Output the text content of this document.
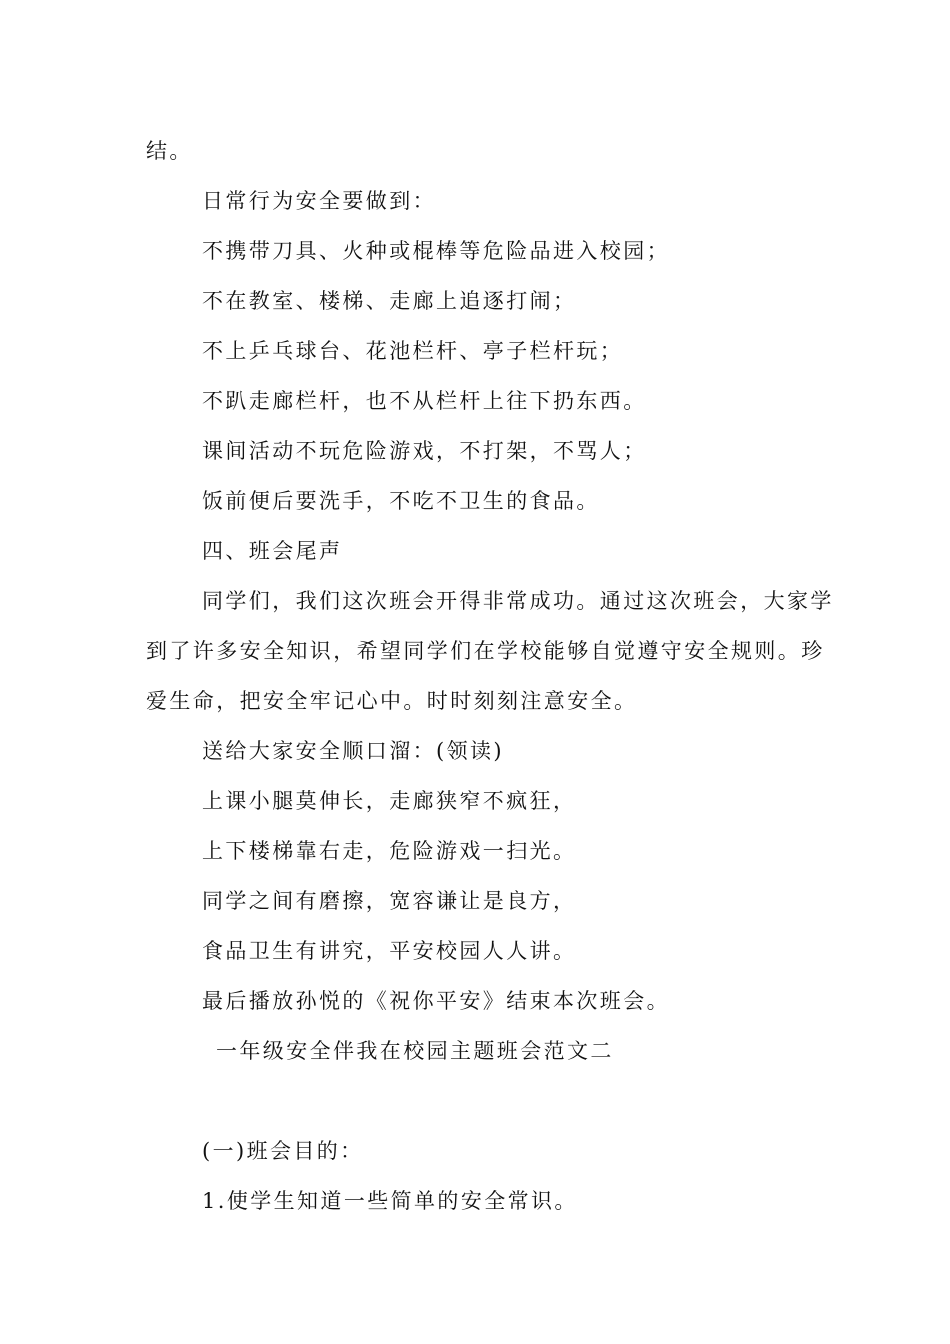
结。
日常行为安全要做到：
不携带刀具、火种或棍棒等危险品进入校园；
不在教室、楼梯、走廊上追逐打闹；
不上乒乓球台、花池栏杆、亭子栏杆玩；
不趴走廊栏杆，也不从栏杆上往下扔东西。
课间活动不玩危险游戏，不打架，不骂人；
饭前便后要洗手，不吃不卫生的食品。
四、班会尾声
同学们，我们这次班会开得非常成功。通过这次班会，大家学
到了许多安全知识，希望同学们在学校能够自觉遵守安全规则。珍
爱生命，把安全牢记心中。时时刻刻注意安全。
送给大家安全顺口溜：(领读)
上课小腿莫伸长，走廊狭窄不疯狂，
上下楼梯靠右走，危险游戏一扫光。
同学之间有磨擦，宽容谦让是良方，
食品卫生有讲究，平安校园人人讲。
最后播放孙悦的《祝你平安》结束本次班会。
一年级安全伴我在校园主题班会范文二
(一)班会目的：
1.使学生知道一些简单的安全常识。
